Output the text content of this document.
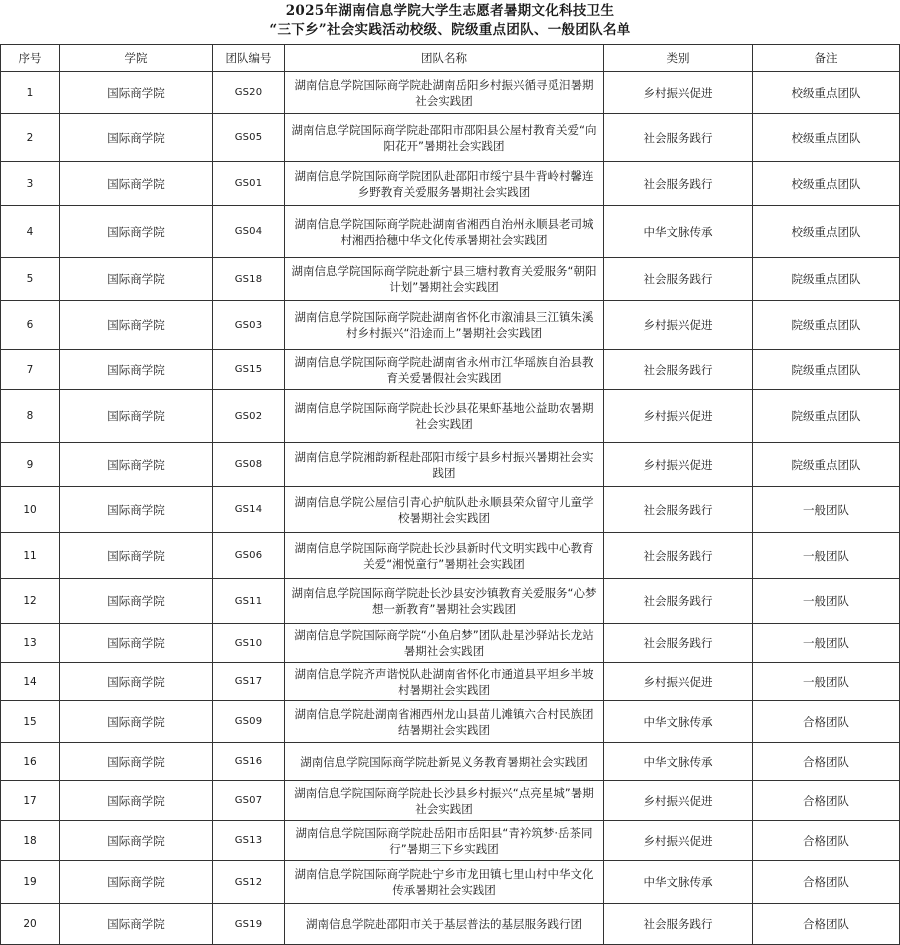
2025年湖南信息学院大学生志愿者暑期文化科技卫生
“三下乡”社会实践活动校级、院级重点团队、一般团队名单
序号	学院	团队编号	团队名称	类别	备注
1	国际商学院	GS20	湖南信息学院国际商学院赴湖南岳阳乡村振兴循寻觅汨暑期社会实践团	乡村振兴促进	校级重点团队
2	国际商学院	GS05	湖南信息学院国际商学院赴邵阳市邵阳县公屋村教育关爱“向阳花开”暑期社会实践团	社会服务践行	校级重点团队
3	国际商学院	GS01	湖南信息学院国际商学院团队赴邵阳市绥宁县牛背岭村馨连乡野教育关爱服务暑期社会实践团	社会服务践行	校级重点团队
4	国际商学院	GS04	湖南信息学院国际商学院赴湖南省湘西自治州永顺县老司城村湘西拾穗中华文化传承暑期社会实践团	中华文脉传承	校级重点团队
5	国际商学院	GS18	湖南信息学院国际商学院赴新宁县三塘村教育关爱服务“朝阳计划”暑期社会实践团	社会服务践行	院级重点团队
6	国际商学院	GS03	湖南信息学院国际商学院赴湖南省怀化市溆浦县三江镇朱溪村乡村振兴“沿途而上”暑期社会实践团	乡村振兴促进	院级重点团队
7	国际商学院	GS15	湖南信息学院国际商学院赴湖南省永州市江华瑶族自治县教育关爱暑假社会实践团	社会服务践行	院级重点团队
8	国际商学院	GS02	湖南信息学院国际商学院赴长沙县花果虾基地公益助农暑期社会实践团	乡村振兴促进	院级重点团队
9	国际商学院	GS08	湖南信息学院湘韵新程赴邵阳市绥宁县乡村振兴暑期社会实践团	乡村振兴促进	院级重点团队
10	国际商学院	GS14	湖南信息学院公屋信引青心护航队赴永顺县荣众留守儿童学校暑期社会实践团	社会服务践行	一般团队
11	国际商学院	GS06	湖南信息学院国际商学院赴长沙县新时代文明实践中心教育关爱“湘悦童行”暑期社会实践团	社会服务践行	一般团队
12	国际商学院	GS11	湖南信息学院国际商学院赴长沙县安沙镇教育关爱服务“心梦想一新教育”暑期社会实践团	社会服务践行	一般团队
13	国际商学院	GS10	湖南信息学院国际商学院“小鱼启梦”团队赴星沙驿站长龙站暑期社会实践团	社会服务践行	一般团队
14	国际商学院	GS17	湖南信息学院齐声谐悦队赴湖南省怀化市通道县平坦乡半坡村暑期社会实践团	乡村振兴促进	一般团队
15	国际商学院	GS09	湖南信息学院赴湖南省湘西州龙山县苗儿滩镇六合村民族团结暑期社会实践团	中华文脉传承	合格团队
16	国际商学院	GS16	湖南信息学院国际商学院赴新晃义务教育暑期社会实践团	中华文脉传承	合格团队
17	国际商学院	GS07	湖南信息学院国际商学院赴长沙县乡村振兴“点亮星城”暑期社会实践团	乡村振兴促进	合格团队
18	国际商学院	GS13	湖南信息学院国际商学院赴岳阳市岳阳县“青衿筑梦·岳茶同行”暑期三下乡实践团	乡村振兴促进	合格团队
19	国际商学院	GS12	湖南信息学院国际商学院赴宁乡市龙田镇七里山村中华文化传承暑期社会实践团	中华文脉传承	合格团队
20	国际商学院	GS19	湖南信息学院赴邵阳市关于基层普法的基层服务践行团	社会服务践行	合格团队
